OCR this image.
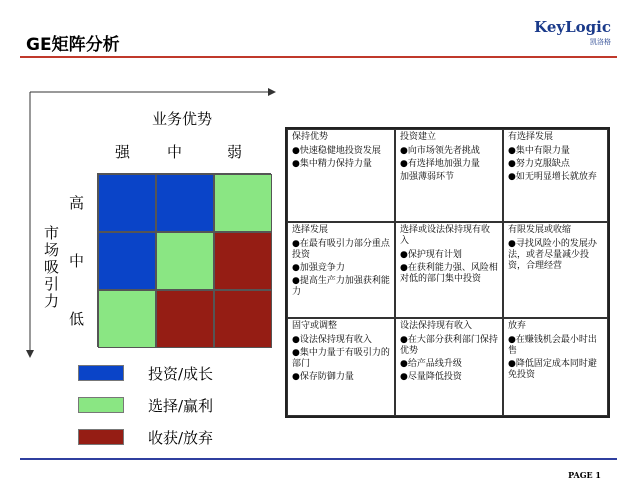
GE矩阵分析
KeyLogic
凯洛格
业务优势
强 中	弱
市场吸引力
高
中
低
投资/成长
选择/赢利
收获/放弃
保持优势
●快速稳健地投资发展
●集中精力保持力量
投资建立
●向市场领先者挑战
●有选择地加强力量
加强薄弱环节
有选择发展
●集中有限力量
●努力克服缺点
●如无明显增长就放弃
选择发展
●在最有吸引力部分重点投资
●加强竞争力
●提高生产力加强获利能力
选择或设法保持现有收入
●保护现有计划
●在获利能力强、风险相对低的部门集中投资
有限发展或收缩
●寻找风险小的发展办法，或者尽量减少投资，合理经营
固守或调整
●设法保持现有收入
●集中力量于有吸引力的部门
●保存防御力量
设法保持现有收入
●在大部分获利部门保持优势
●给产品线升级
●尽量降低投资
放弃
●在赚钱机会最小时出售
●降低固定成本同时避免投资
PAGE 1
